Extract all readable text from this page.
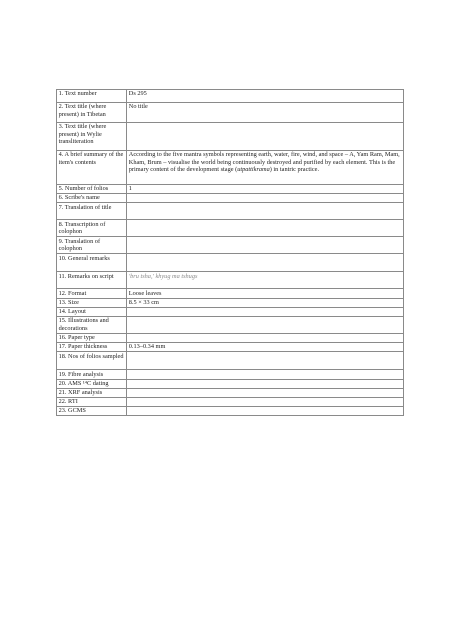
1. Text number	Ds 295
2. Text title (where present) in Tibetan	No title
3. Text title (where present) in Wylie transliteration	
4. A brief summary of the item's contents	According to the five mantra symbols representing earth, water, fire, wind, and space – A, Yam Ram, Mam, Kham, Brum – visualise the world being continuously destroyed and purified by each element. This is the primary content of the development stage (utpattikrama) in tantric practice.
5. Number of folios	1
6. Scribe's name	
7. Translation of title	
8. Transcription of colophon	
9. Translation of colophon	
10. General remarks	
11. Remarks on script	'bru tsha,' khyug ma tshugs
12. Format	Loose leaves
13. Size	8.5 × 33 cm
14. Layout	
15. Illustrations and decorations	
16. Paper type	
17. Paper thickness	0.13–0.34 mm
18. Nos of folios sampled	
19. Fibre analysis	
20. AMS ¹⁴C dating	
21. XRF analysis	
22. RTI	
23. GCMS	
